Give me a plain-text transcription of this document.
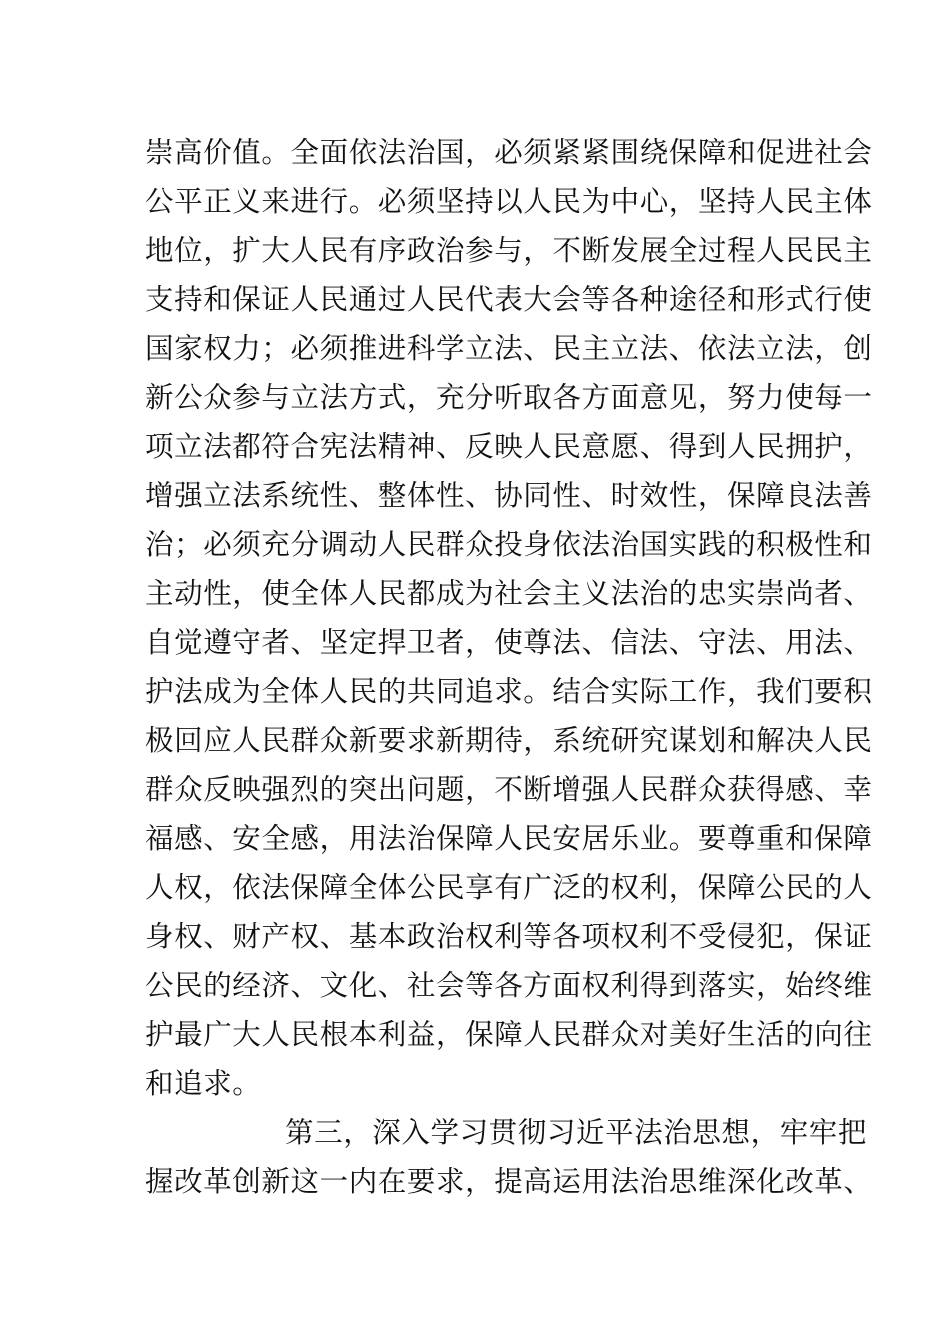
崇高价值。全面依法治国，必须紧紧围绕保障和促进社会
公平正义来进行。必须坚持以人民为中心，坚持人民主体
地位，扩大人民有序政治参与，不断发展全过程人民民主
支持和保证人民通过人民代表大会等各种途径和形式行使
国家权力；必须推进科学立法、民主立法、依法立法，创
新公众参与立法方式，充分听取各方面意见，努力使每一
项立法都符合宪法精神、反映人民意愿、得到人民拥护，
增强立法系统性、整体性、协同性、时效性，保障良法善
治；必须充分调动人民群众投身依法治国实践的积极性和
主动性，使全体人民都成为社会主义法治的忠实崇尚者、
自觉遵守者、坚定捍卫者，使尊法、信法、守法、用法、
护法成为全体人民的共同追求。结合实际工作，我们要积
极回应人民群众新要求新期待，系统研究谋划和解决人民
群众反映强烈的突出问题，不断增强人民群众获得感、幸
福感、安全感，用法治保障人民安居乐业。要尊重和保障
人权，依法保障全体公民享有广泛的权利，保障公民的人
身权、财产权、基本政治权利等各项权利不受侵犯，保证
公民的经济、文化、社会等各方面权利得到落实，始终维
护最广大人民根本利益，保障人民群众对美好生活的向往
和追求。
第三，深入学习贯彻习近平法治思想，牢牢把
握改革创新这一内在要求，提高运用法治思维深化改革、
